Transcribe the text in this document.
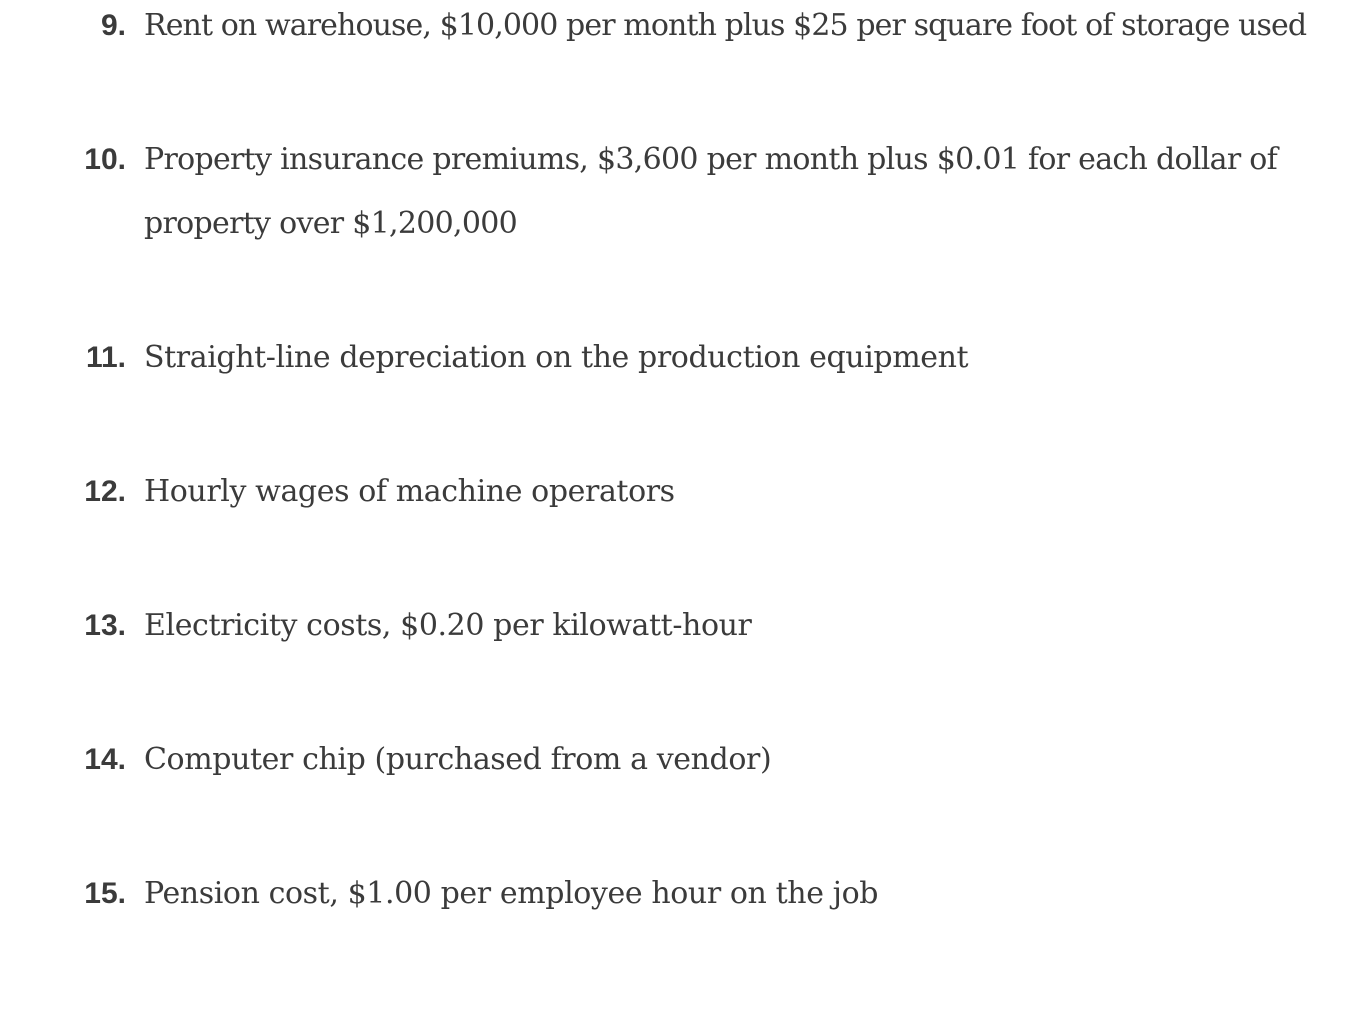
9. Rent on warehouse, $10,000 per month plus $25 per square foot of storage used
10. Property insurance premiums, $3,600 per month plus $0.01 for each dollar of property over $1,200,000
11. Straight-line depreciation on the production equipment
12. Hourly wages of machine operators
13. Electricity costs, $0.20 per kilowatt-hour
14. Computer chip (purchased from a vendor)
15. Pension cost, $1.00 per employee hour on the job
